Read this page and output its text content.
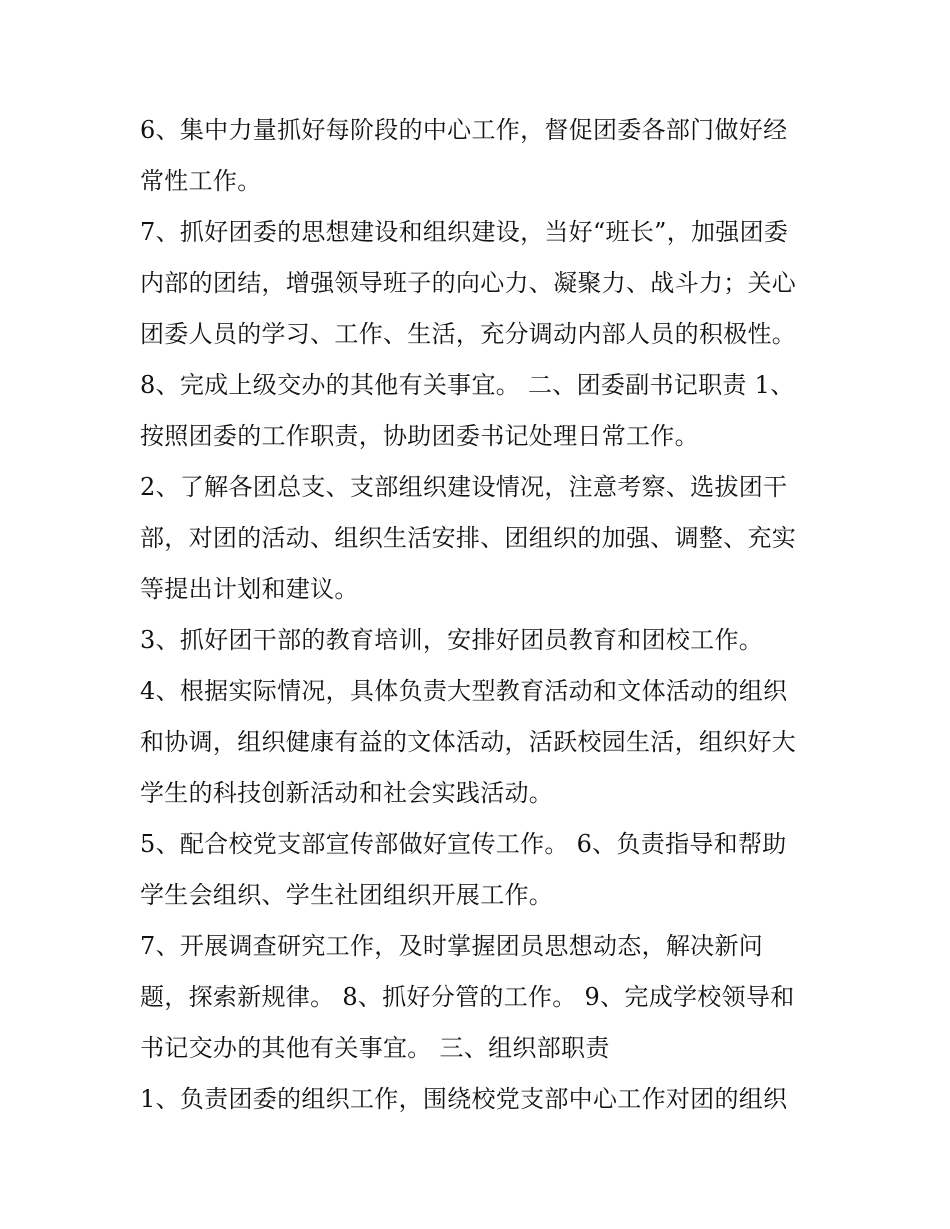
6、集中力量抓好每阶段的中心工作，督促团委各部门做好经
常性工作。
7、抓好团委的思想建设和组织建设，当好“班长”，加强团委
内部的团结，增强领导班子的向心力、凝聚力、战斗力；关心
团委人员的学习、工作、生活，充分调动内部人员的积极性。
8、完成上级交办的其他有关事宜。 二、团委副书记职责 1、
按照团委的工作职责，协助团委书记处理日常工作。
2、了解各团总支、支部组织建设情况，注意考察、选拔团干
部，对团的活动、组织生活安排、团组织的加强、调整、充实
等提出计划和建议。
3、抓好团干部的教育培训，安排好团员教育和团校工作。
4、根据实际情况，具体负责大型教育活动和文体活动的组织
和协调，组织健康有益的文体活动，活跃校园生活，组织好大
学生的科技创新活动和社会实践活动。
5、配合校党支部宣传部做好宣传工作。 6、负责指导和帮助
学生会组织、学生社团组织开展工作。
7、开展调查研究工作，及时掌握团员思想动态，解决新问
题，探索新规律。 8、抓好分管的工作。 9、完成学校领导和
书记交办的其他有关事宜。 三、组织部职责
1、负责团委的组织工作，围绕校党支部中心工作对团的组织
